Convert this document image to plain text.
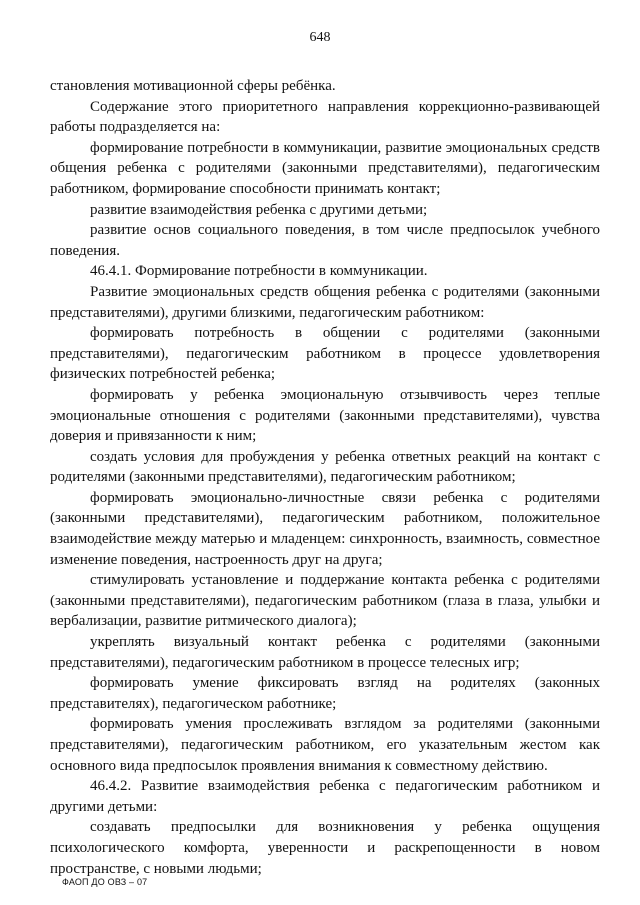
648

становления мотивационной сферы ребёнка.

Содержание этого приоритетного направления коррекционно-развивающей работы подразделяется на:

формирование потребности в коммуникации, развитие эмоциональных средств общения ребенка с родителями (законными представителями), педагогическим работником, формирование способности принимать контакт;

развитие взаимодействия ребенка с другими детьми;

развитие основ социального поведения, в том числе предпосылок учебного поведения.

46.4.1. Формирование потребности в коммуникации.

Развитие эмоциональных средств общения ребенка с родителями (законными представителями), другими близкими, педагогическим работником:

формировать потребность в общении с родителями (законными представителями), педагогическим работником в процессе удовлетворения физических потребностей ребенка;

формировать у ребенка эмоциональную отзывчивость через теплые эмоциональные отношения с родителями (законными представителями), чувства доверия и привязанности к ним;

создать условия для пробуждения у ребенка ответных реакций на контакт с родителями (законными представителями), педагогическим работником;

формировать эмоционально-личностные связи ребенка с родителями (законными представителями), педагогическим работником, положительное взаимодействие между матерью и младенцем: синхронность, взаимность, совместное изменение поведения, настроенность друг на друга;

стимулировать установление и поддержание контакта ребенка с родителями (законными представителями), педагогическим работником (глаза в глаза, улыбки и вербализации, развитие ритмического диалога);

укреплять визуальный контакт ребенка с родителями (законными представителями), педагогическим работником в процессе телесных игр;

формировать умение фиксировать взгляд на родителях (законных представителях), педагогическом работнике;

формировать умения прослеживать взглядом за родителями (законными представителями), педагогическим работником, его указательным жестом как основного вида предпосылок проявления внимания к совместному действию.

46.4.2. Развитие взаимодействия ребенка с педагогическим работником и другими детьми:

создавать предпосылки для возникновения у ребенка ощущения психологического комфорта, уверенности и раскрепощенности в новом пространстве, с новыми людьми;

ФАОП ДО ОВЗ – 07
